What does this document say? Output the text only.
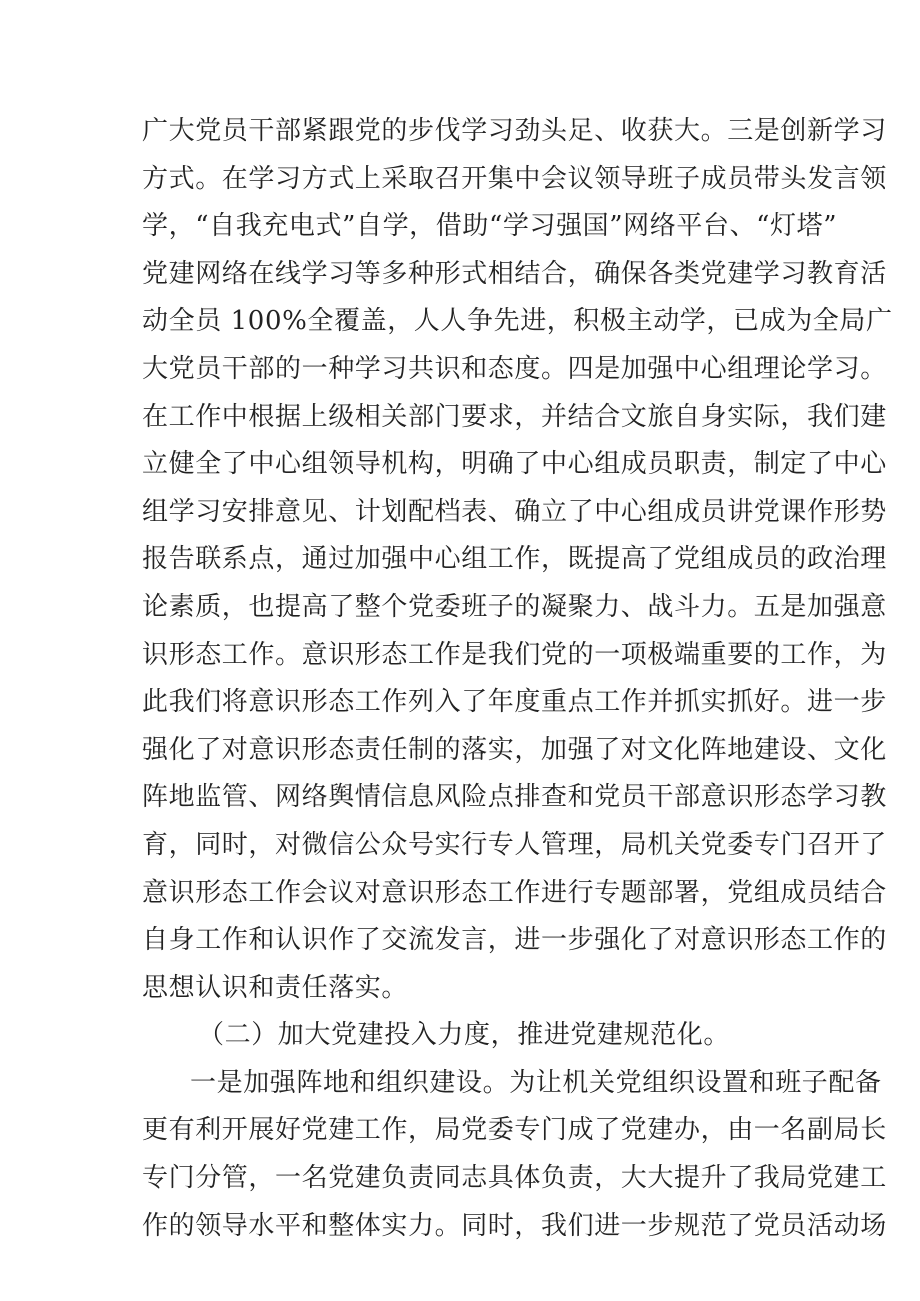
广大党员干部紧跟党的步伐学习劲头足、收获大。三是创新学习
方式。在学习方式上采取召开集中会议领导班子成员带头发言领
学，“自我充电式”自学，借助“学习强国”网络平台、“灯塔”
党建网络在线学习等多种形式相结合，确保各类党建学习教育活
动全员 100%全覆盖，人人争先进，积极主动学，已成为全局广
大党员干部的一种学习共识和态度。四是加强中心组理论学习。
在工作中根据上级相关部门要求，并结合文旅自身实际，我们建
立健全了中心组领导机构，明确了中心组成员职责，制定了中心
组学习安排意见、计划配档表、确立了中心组成员讲党课作形势
报告联系点，通过加强中心组工作，既提高了党组成员的政治理
论素质，也提高了整个党委班子的凝聚力、战斗力。五是加强意
识形态工作。意识形态工作是我们党的一项极端重要的工作，为
此我们将意识形态工作列入了年度重点工作并抓实抓好。进一步
强化了对意识形态责任制的落实，加强了对文化阵地建设、文化
阵地监管、网络舆情信息风险点排查和党员干部意识形态学习教
育，同时，对微信公众号实行专人管理，局机关党委专门召开了
意识形态工作会议对意识形态工作进行专题部署，党组成员结合
自身工作和认识作了交流发言，进一步强化了对意识形态工作的
思想认识和责任落实。
（二）加大党建投入力度，推进党建规范化。
一是加强阵地和组织建设。为让机关党组织设置和班子配备
更有利开展好党建工作，局党委专门成了党建办，由一名副局长
专门分管，一名党建负责同志具体负责，大大提升了我局党建工
作的领导水平和整体实力。同时，我们进一步规范了党员活动场
